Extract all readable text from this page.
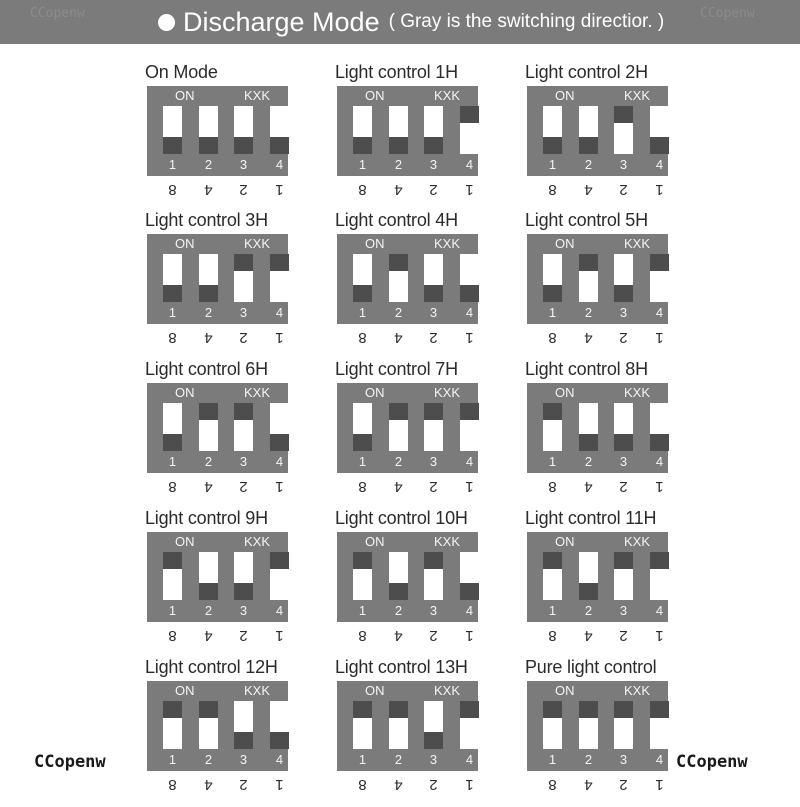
CCopenw	Discharge Mode ( Gray is the switching directior. )	CCopenw
On Mode
8	4	2	1
ON	KXK
1	2	3	4
Light control 1H
8	4	2	1
ON	KXK
1	2	3	4
Light control 2H
8	4	2	1
ON	KXK
1	2	3	4
Light control 3H
8	4	2	1
ON	KXK
1	2	3	4
Light control 4H
8	4	2	1
ON	KXK
1	2	3	4
Light control 5H
8	4	2	1
ON	KXK
1	2	3	4
Light control 6H
8	4	2	1
ON	KXK
1	2	3	4
Light control 7H
8	4	2	1
ON	KXK
1	2	3	4
Light control 8H
8	4	2	1
ON	KXK
1	2	3	4
Light control 9H
8	4	2	1
ON	KXK
1	2	3	4
Light control 10H
8	4	2	1
ON	KXK
1	2	3	4
Light control 11H
8	4	2	1
ON	KXK
1	2	3	4
Light control 12H
8	4	2	1
ON	KXK
1	2	3	4
Light control 13H
8	4	2	1
ON	KXK
1	2	3	4
Pure light control
8	4	2	1
ON	KXK
1	2	3	4
CCopenw	CCopenw
